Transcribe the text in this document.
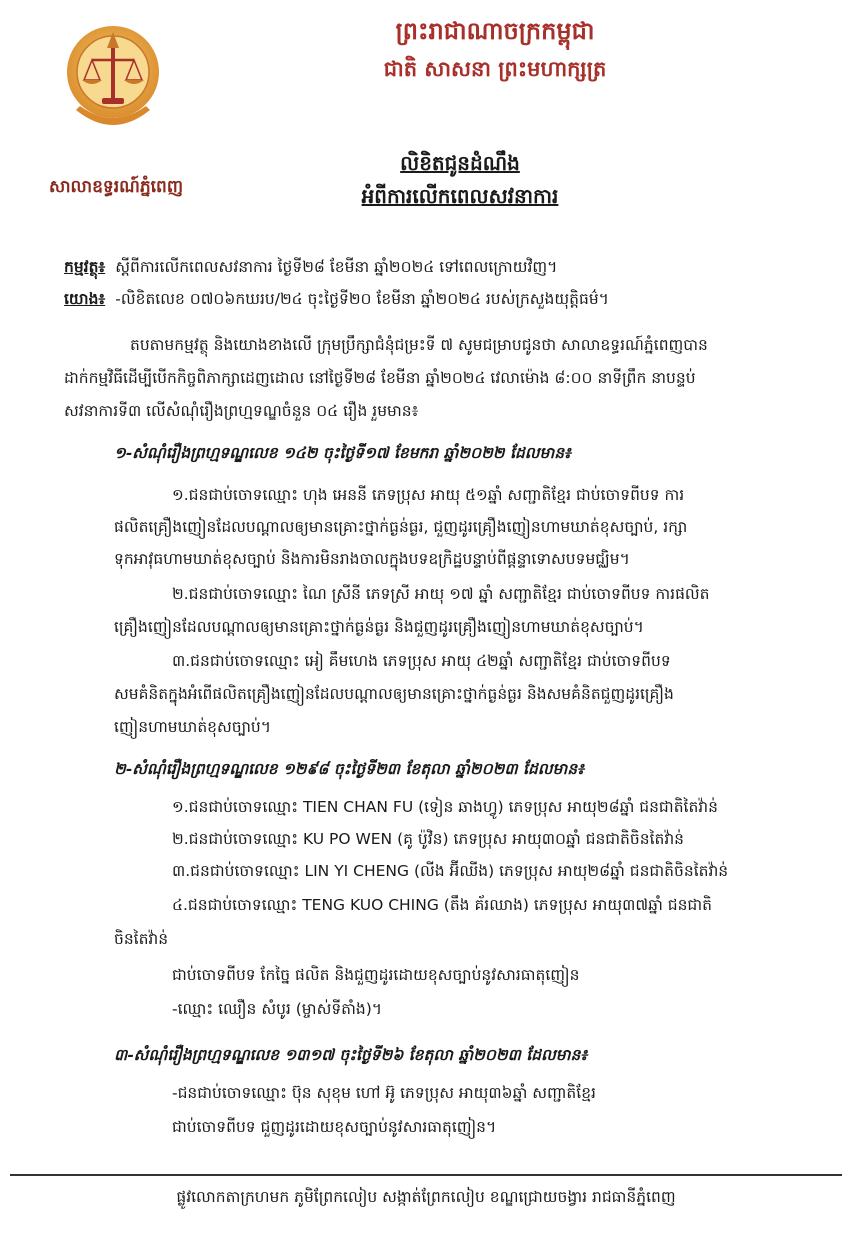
សាលាឧទ្ធរណ៍ភ្នំពេញ
ព្រះរាជាណាចក្រកម្ពុជា
ជាតិ សាសនា ព្រះមហាក្សត្រ
លិខិតជូនដំណឹង
អំពីការលើកពេលសវនាការ
កម្មវត្ថុ៖ ស្តីពីការលើកពេលសវនាការ ថ្ងៃទី២៨ ខែមីនា ឆ្នាំ២០២៤ ទៅពេលក្រោយវិញ។
យោង៖ -លិខិតលេខ ០៧០៦កឃរប/២៤ ចុះថ្ងៃទី២០ ខែមីនា ឆ្នាំ២០២៤ របស់ក្រសួងយុត្តិធម៌។
តបតាមកម្មវត្ថុ និងយោងខាងលើ ក្រុមប្រឹក្សាជំនុំជម្រះទី ៧ សូមជម្រាបជូនថា សាលាឧទ្ធរណ៍ភ្នំពេញបាន
ដាក់កម្មវិធីដើម្បីបើកកិច្ចពិភាក្សាដេញដោល នៅថ្ងៃទី២៨ ខែមីនា ឆ្នាំ២០២៤ វេលាម៉ោង ៨:០០ នាទីព្រឹក នាបន្ទប់
សវនាការទី៣ លើសំណុំរឿងព្រហ្មទណ្ឌចំនួន ០៤ រឿង រួមមាន៖
១-សំណុំរឿងព្រហ្មទណ្ឌលេខ ១៤២ ចុះថ្ងៃទី១៧ ខែមករា ឆ្នាំ២០២២ ដែលមាន៖
១.ជនជាប់ចោទឈ្មោះ ហុង អេននី ភេទប្រុស អាយុ ៥១ឆ្នាំ សញ្ជាតិខ្មែរ ជាប់ចោទពីបទ ការ
ផលិតគ្រឿងញៀនដែលបណ្តាលឲ្យមានគ្រោះថ្នាក់ធ្ងន់ធ្ងរ, ជួញដូរគ្រឿងញៀនហាមឃាត់ខុសច្បាប់, រក្សា
ទុកអាវុធហាមឃាត់ខុសច្បាប់ និងការមិនរាងចាលក្នុងបទឧក្រិដ្ឋបន្ទាប់ពីផ្តន្ទាទោសបទមជ្ឈិម។
២.ជនជាប់ចោទឈ្មោះ ណៃ ស្រីនី ភេទស្រី អាយុ ១៧ ឆ្នាំ សញ្ជាតិខ្មែរ ជាប់ចោទពីបទ ការផលិត
គ្រឿងញៀនដែលបណ្តាលឲ្យមានគ្រោះថ្នាក់ធ្ងន់ធ្ងរ និងជួញដូរគ្រឿងញៀនហាមឃាត់ខុសច្បាប់។
៣.ជនជាប់ចោទឈ្មោះ អៀ គឹមហេង ភេទប្រុស អាយុ ៤២ឆ្នាំ សញ្ជាតិខ្មែរ ជាប់ចោទពីបទ
សមគំនិតក្នុងអំពើផលិតគ្រឿងញៀនដែលបណ្តាលឲ្យមានគ្រោះថ្នាក់ធ្ងន់ធ្ងរ និងសមគំនិតជួញដូរគ្រឿង
ញៀនហាមឃាត់ខុសច្បាប់។
២-សំណុំរឿងព្រហ្មទណ្ឌលេខ ១២៩៨ ចុះថ្ងៃទី២៣ ខែតុលា ឆ្នាំ២០២៣ ដែលមាន៖
១.ជនជាប់ចោទឈ្មោះ TIEN CHAN FU (ទៀន ឆាងហ្វូ) ភេទប្រុស អាយុ២៨ឆ្នាំ ជនជាតិតៃវ៉ាន់
២.ជនជាប់ចោទឈ្មោះ KU PO WEN (គូ ប៉ូវិន) ភេទប្រុស អាយុ៣០ឆ្នាំ ជនជាតិចិនតៃវ៉ាន់
៣.ជនជាប់ចោទឈ្មោះ LIN YI CHENG (លីង អ៊ីឈីង) ភេទប្រុស អាយុ២៨ឆ្នាំ ជនជាតិចិនតៃវ៉ាន់
៤.ជនជាប់ចោទឈ្មោះ TENG KUO CHING (តឹង គ័រឈាង) ភេទប្រុស អាយុ៣៧ឆ្នាំ ជនជាតិ
ចិនតៃវ៉ាន់
ជាប់ចោទពីបទ កែច្នៃ ផលិត និងជួញដូរដោយខុសច្បាប់នូវសារធាតុញៀន
-ឈ្មោះ ឈឿន សំបូរ (ម្ចាស់ទីតាំង)។
៣-សំណុំរឿងព្រហ្មទណ្ឌលេខ ១៣១៧ ចុះថ្ងៃទី២៦ ខែតុលា ឆ្នាំ២០២៣ ដែលមាន៖
-ជនជាប់ចោទឈ្មោះ ប៊ុន សុខុម ហៅ អ៊ូ ភេទប្រុស អាយុ៣៦ឆ្នាំ សញ្ជាតិខ្មែរ
ជាប់ចោទពីបទ ជួញដូរដោយខុសច្បាប់នូវសារធាតុញៀន។
ផ្លូវលោកតាក្រហមក ភូមិព្រែកលៀប សង្កាត់ព្រែកលៀប ខណ្ឌជ្រោយចង្វារ រាជធានីភ្នំពេញ
